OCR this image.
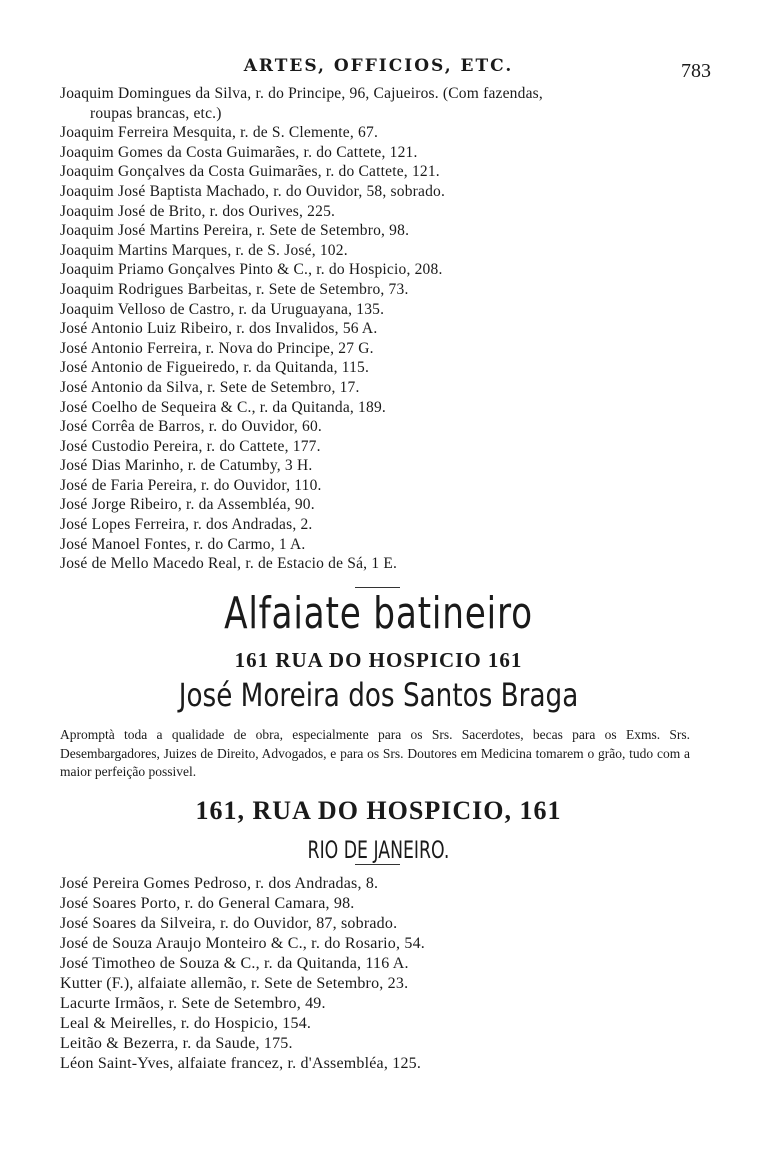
ARTES, OFFICIOS, ETC.	783
Joaquim Domingues da Silva, r. do Principe, 96, Cajueiros. (Com fazendas,
roupas brancas, etc.)
Joaquim Ferreira Mesquita, r. de S. Clemente, 67.
Joaquim Gomes da Costa Guimarães, r. do Cattete, 121.
Joaquim Gonçalves da Costa Guimarães, r. do Cattete, 121.
Joaquim José Baptista Machado, r. do Ouvidor, 58, sobrado.
Joaquim José de Brito, r. dos Ourives, 225.
Joaquim José Martins Pereira, r. Sete de Setembro, 98.
Joaquim Martins Marques, r. de S. José, 102.
Joaquim Priamo Gonçalves Pinto & C., r. do Hospicio, 208.
Joaquim Rodrigues Barbeitas, r. Sete de Setembro, 73.
Joaquim Velloso de Castro, r. da Uruguayana, 135.
José Antonio Luiz Ribeiro, r. dos Invalidos, 56 A.
José Antonio Ferreira, r. Nova do Principe, 27 G.
José Antonio de Figueiredo, r. da Quitanda, 115.
José Antonio da Silva, r. Sete de Setembro, 17.
José Coelho de Sequeira & C., r. da Quitanda, 189.
José Corrêa de Barros, r. do Ouvidor, 60.
José Custodio Pereira, r. do Cattete, 177.
José Dias Marinho, r. de Catumby, 3 H.
José de Faria Pereira, r. do Ouvidor, 110.
José Jorge Ribeiro, r. da Assembléa, 90.
José Lopes Ferreira, r. dos Andradas, 2.
José Manoel Fontes, r. do Carmo, 1 A.
José de Mello Macedo Real, r. de Estacio de Sá, 1 E.
Alfaiate batineiro
161 RUA DO HOSPICIO 161
José Moreira dos Santos Braga
Apromptà toda a qualidade de obra, especialmente para os Srs. Sacerdotes, becas para os Exms. Srs. Desembargadores, Juizes de Direito, Advogados, e para os Srs. Doutores em Medicina tomarem o grão, tudo com a maior perfeição possivel.
161, RUA DO HOSPICIO, 161
RIO DE JANEIRO.
José Pereira Gomes Pedroso, r. dos Andradas, 8.
José Soares Porto, r. do General Camara, 98.
José Soares da Silveira, r. do Ouvidor, 87, sobrado.
José de Souza Araujo Monteiro & C., r. do Rosario, 54.
José Timotheo de Souza & C., r. da Quitanda, 116 A.
Kutter (F.), alfaiate allemão, r. Sete de Setembro, 23.
Lacurte Irmãos, r. Sete de Setembro, 49.
Leal & Meirelles, r. do Hospicio, 154.
Leitão & Bezerra, r. da Saude, 175.
Léon Saint-Yves, alfaiate francez, r. d'Assembléa, 125.
